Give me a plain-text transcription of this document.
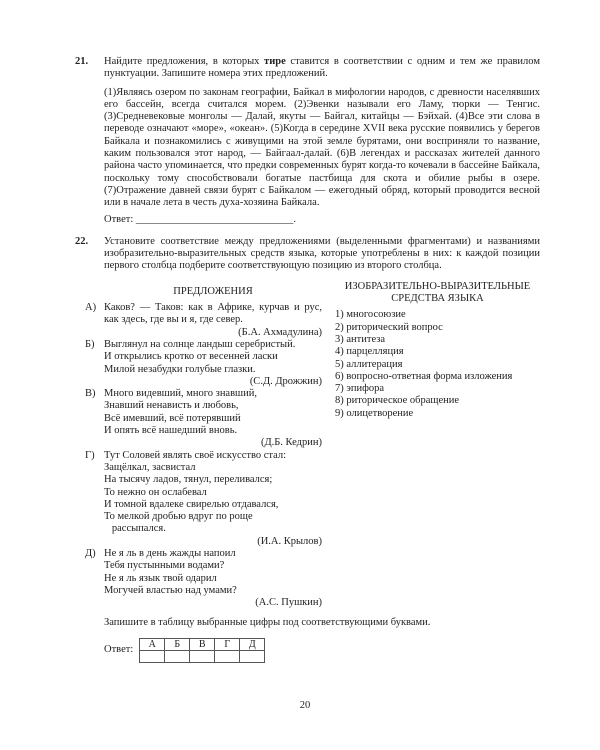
21. Найдите предложения, в которых тире ставится в соответствии с одним и тем же правилом пунктуации. Запишите номера этих предложений.
(1)Являясь озером по законам географии, Байкал в мифологии народов, с древности населявших его бассейн, всегда считался морем. (2)Эвенки называли его Ламу, тюрки — Тенгис. (3)Средневековые монголы — Далай, якуты — Байгал, китайцы — Бэйхай. (4)Все эти слова в переводе означают «море», «океан». (5)Когда в середине XVII века русские появились у берегов Байкала и познакомились с живущими на этой земле бурятами, они восприняли то название, каким пользовался этот народ, — Байгаал-далай. (6)В легендах и рассказах жителей данного района часто упоминается, что предки современных бурят когда-то кочевали в бассейне Байкала, поскольку тому способствовали богатые пастбища для скота и обилие рыбы в озере. (7)Отражение давней связи бурят с Байкалом — ежегодный обряд, который проводится весной или в начале лета в честь духа-хозяина Байкала.
Ответ: ______________________________.
22. Установите соответствие между предложениями (выделенными фрагментами) и названиями изобразительно-выразительных средств языка, которые употреблены в них: к каждой позиции первого столбца подберите соответствующую позицию из второго столбца.
ПРЕДЛОЖЕНИЯ
А) Каков? — Таков: как в Африке, курчав и рус, как здесь, где вы и я, где север.
(Б.А. Ахмадулина)
Б) Выглянул на солнце ландыш серебристый.
И открылись кротко от весенней ласки
Милой незабудки голубые глазки.
(С.Д. Дрожжин)
В) Много видевший, много знавший,
Знавший ненависть и любовь,
Всё имевший, всё потерявший
И опять всё нашедший вновь.
(Д.Б. Кедрин)
Г) Тут Соловей являть своё искусство стал:
Защёлкал, засвистал
На тысячу ладов, тянул, переливался;
То нежно он ослабевал
И томной вдалеке свирелью отдавался,
То мелкой дробью вдруг по роще
рассыпался.
(И.А. Крылов)
Д) Не я ль в день жажды напоил
Тебя пустынными водами?
Не я ль язык твой одарил
Могучей властью над умами?
(А.С. Пушкин)
ИЗОБРАЗИТЕЛЬНО-ВЫРАЗИТЕЛЬНЫЕ СРЕДСТВА ЯЗЫКА
1) многосоюзие
2) риторический вопрос
3) антитеза
4) парцелляция
5) аллитерация
6) вопросно-ответная форма изложения
7) эпифора
8) риторическое обращение
9) олицетворение
Запишите в таблицу выбранные цифры под соответствующими буквами.
Ответ: А	Б	В	Г	Д

20
